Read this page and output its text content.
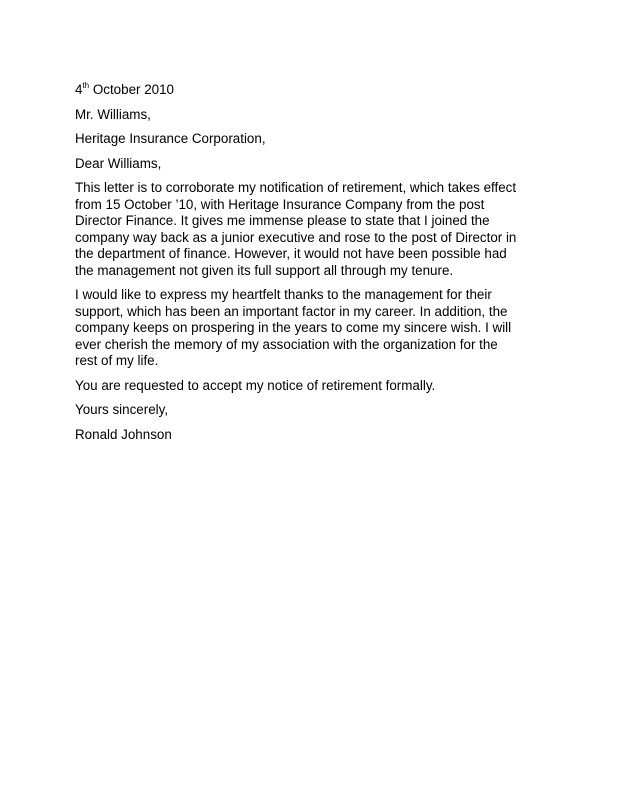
4th October 2010
Mr. Williams,
Heritage Insurance Corporation,
Dear Williams,
This letter is to corroborate my notification of retirement, which takes effect
from 15 October ’10, with Heritage Insurance Company from the post
Director Finance. It gives me immense please to state that I joined the
company way back as a junior executive and rose to the post of Director in
the department of finance. However, it would not have been possible had
the management not given its full support all through my tenure.
I would like to express my heartfelt thanks to the management for their
support, which has been an important factor in my career. In addition, the
company keeps on prospering in the years to come my sincere wish. I will
ever cherish the memory of my association with the organization for the
rest of my life.
You are requested to accept my notice of retirement formally.
Yours sincerely,
Ronald Johnson
